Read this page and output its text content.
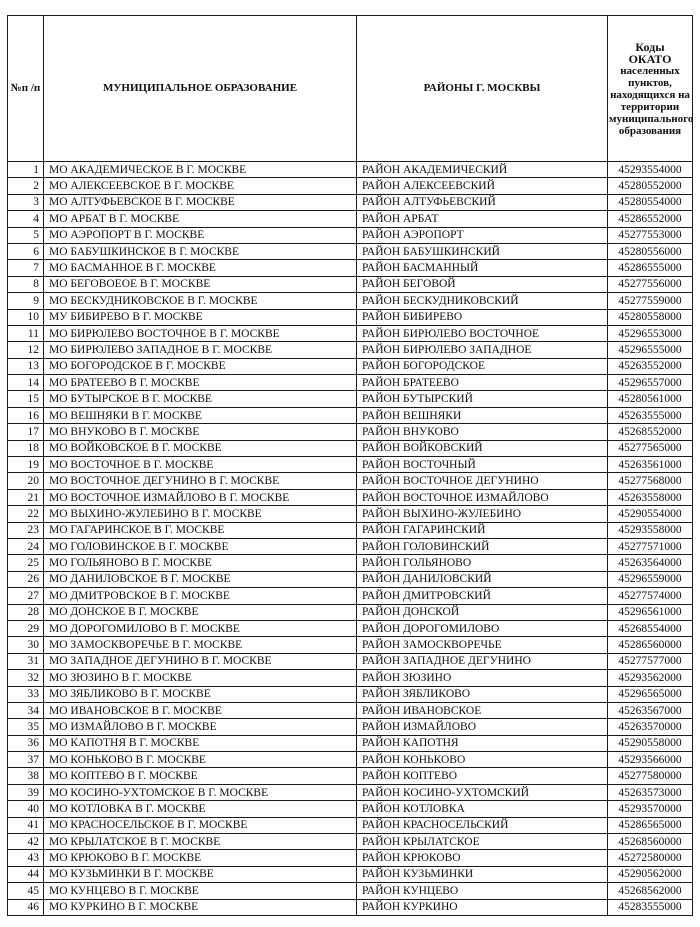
№п /п	МУНИЦИПАЛЬНОЕ ОБРАЗОВАНИЕ	РАЙОНЫ Г. МОСКВЫ	Коды
ОКАТО
населенных пунктов, находящихся на территории муниципального образования

1	МО АКАДЕМИЧЕСКОЕ В Г. МОСКВЕ	РАЙОН АКАДЕМИЧЕСКИЙ	45293554000
2	МО АЛЕКСЕЕВСКОЕ В Г. МОСКВЕ	РАЙОН АЛЕКСЕЕВСКИЙ	45280552000
3	МО АЛТУФЬЕВСКОЕ В Г. МОСКВЕ	РАЙОН АЛТУФЬЕВСКИЙ	45280554000
4	МО АРБАТ В Г. МОСКВЕ	РАЙОН АРБАТ	45286552000
5	МО АЭРОПОРТ В Г. МОСКВЕ	РАЙОН АЭРОПОРТ	45277553000
6	МО БАБУШКИНСКОЕ В Г. МОСКВЕ	РАЙОН БАБУШКИНСКИЙ	45280556000
7	МО БАСМАННОЕ В Г. МОСКВЕ	РАЙОН БАСМАННЫЙ	45286555000
8	МО БЕГОВОЕОЕ В Г. МОСКВЕ	РАЙОН БЕГОВОЙ	45277556000
9	МО БЕСКУДНИКОВСКОЕ В Г. МОСКВЕ	РАЙОН БЕСКУДНИКОВСКИЙ	45277559000
10	МУ БИБИРЕВО В Г. МОСКВЕ	РАЙОН БИБИРЕВО	45280558000
11	МО БИРЮЛЕВО ВОСТОЧНОЕ В Г. МОСКВЕ	РАЙОН БИРЮЛЕВО ВОСТОЧНОЕ	45296553000
12	МО БИРЮЛЕВО ЗАПАДНОЕ В Г. МОСКВЕ	РАЙОН БИРЮЛЕВО ЗАПАДНОЕ	45296555000
13	МО БОГОРОДСКОЕ В Г. МОСКВЕ	РАЙОН БОГОРОДСКОЕ	45263552000
14	МО БРАТЕЕВО В Г. МОСКВЕ	РАЙОН БРАТЕЕВО	45296557000
15	МО БУТЫРСКОЕ В Г. МОСКВЕ	РАЙОН БУТЫРСКИЙ	45280561000
16	МО ВЕШНЯКИ В Г. МОСКВЕ	РАЙОН ВЕШНЯКИ	45263555000
17	МО ВНУКОВО В Г. МОСКВЕ	РАЙОН ВНУКОВО	45268552000
18	МО ВОЙКОВСКОЕ В Г. МОСКВЕ	РАЙОН ВОЙКОВСКИЙ	45277565000
19	МО ВОСТОЧНОЕ В Г. МОСКВЕ	РАЙОН ВОСТОЧНЫЙ	45263561000
20	МО ВОСТОЧНОЕ ДЕГУНИНО В Г. МОСКВЕ	РАЙОН ВОСТОЧНОЕ ДЕГУНИНО	45277568000
21	МО ВОСТОЧНОЕ ИЗМАЙЛОВО В Г. МОСКВЕ	РАЙОН ВОСТОЧНОЕ ИЗМАЙЛОВО	45263558000
22	МО ВЫХИНО-ЖУЛЕБИНО В Г. МОСКВЕ	РАЙОН ВЫХИНО-ЖУЛЕБИНО	45290554000
23	МО ГАГАРИНСКОЕ В Г. МОСКВЕ	РАЙОН ГАГАРИНСКИЙ	45293558000
24	МО ГОЛОВИНСКОЕ В Г. МОСКВЕ	РАЙОН ГОЛОВИНСКИЙ	45277571000
25	МО ГОЛЬЯНОВО В Г. МОСКВЕ	РАЙОН ГОЛЬЯНОВО	45263564000
26	МО ДАНИЛОВСКОЕ В Г. МОСКВЕ	РАЙОН ДАНИЛОВСКИЙ	45296559000
27	МО ДМИТРОВСКОЕ В Г. МОСКВЕ	РАЙОН ДМИТРОВСКИЙ	45277574000
28	МО ДОНСКОЕ В Г. МОСКВЕ	РАЙОН ДОНСКОЙ	45296561000
29	МО ДОРОГОМИЛОВО В Г. МОСКВЕ	РАЙОН ДОРОГОМИЛОВО	45268554000
30	МО ЗАМОСКВОРЕЧЬЕ В Г. МОСКВЕ	РАЙОН ЗАМОСКВОРЕЧЬЕ	45286560000
31	МО ЗАПАДНОЕ ДЕГУНИНО В Г. МОСКВЕ	РАЙОН ЗАПАДНОЕ ДЕГУНИНО	45277577000
32	МО ЗЮЗИНО В Г. МОСКВЕ	РАЙОН ЗЮЗИНО	45293562000
33	МО ЗЯБЛИКОВО В Г. МОСКВЕ	РАЙОН ЗЯБЛИКОВО	45296565000
34	МО ИВАНОВСКОЕ В Г. МОСКВЕ	РАЙОН ИВАНОВСКОЕ	45263567000
35	МО ИЗМАЙЛОВО В Г. МОСКВЕ	РАЙОН ИЗМАЙЛОВО	45263570000
36	МО КАПОТНЯ В Г. МОСКВЕ	РАЙОН КАПОТНЯ	45290558000
37	МО КОНЬКОВО В Г. МОСКВЕ	РАЙОН КОНЬКОВО	45293566000
38	МО КОПТЕВО В Г. МОСКВЕ	РАЙОН КОПТЕВО	45277580000
39	МО КОСИНО-УХТОМСКОЕ В Г. МОСКВЕ	РАЙОН КОСИНО-УХТОМСКИЙ	45263573000
40	МО КОТЛОВКА В Г. МОСКВЕ	РАЙОН КОТЛОВКА	45293570000
41	МО КРАСНОСЕЛЬСКОЕ В Г. МОСКВЕ	РАЙОН КРАСНОСЕЛЬСКИЙ	45286565000
42	МО КРЫЛАТСКОЕ В Г. МОСКВЕ	РАЙОН КРЫЛАТСКОЕ	45268560000
43	МО КРЮКОВО В Г. МОСКВЕ	РАЙОН КРЮКОВО	45272580000
44	МО КУЗЬМИНКИ В Г. МОСКВЕ	РАЙОН КУЗЬМИНКИ	45290562000
45	МО КУНЦЕВО В Г. МОСКВЕ	РАЙОН КУНЦЕВО	45268562000
46	МО КУРКИНО В Г. МОСКВЕ	РАЙОН КУРКИНО	45283555000
